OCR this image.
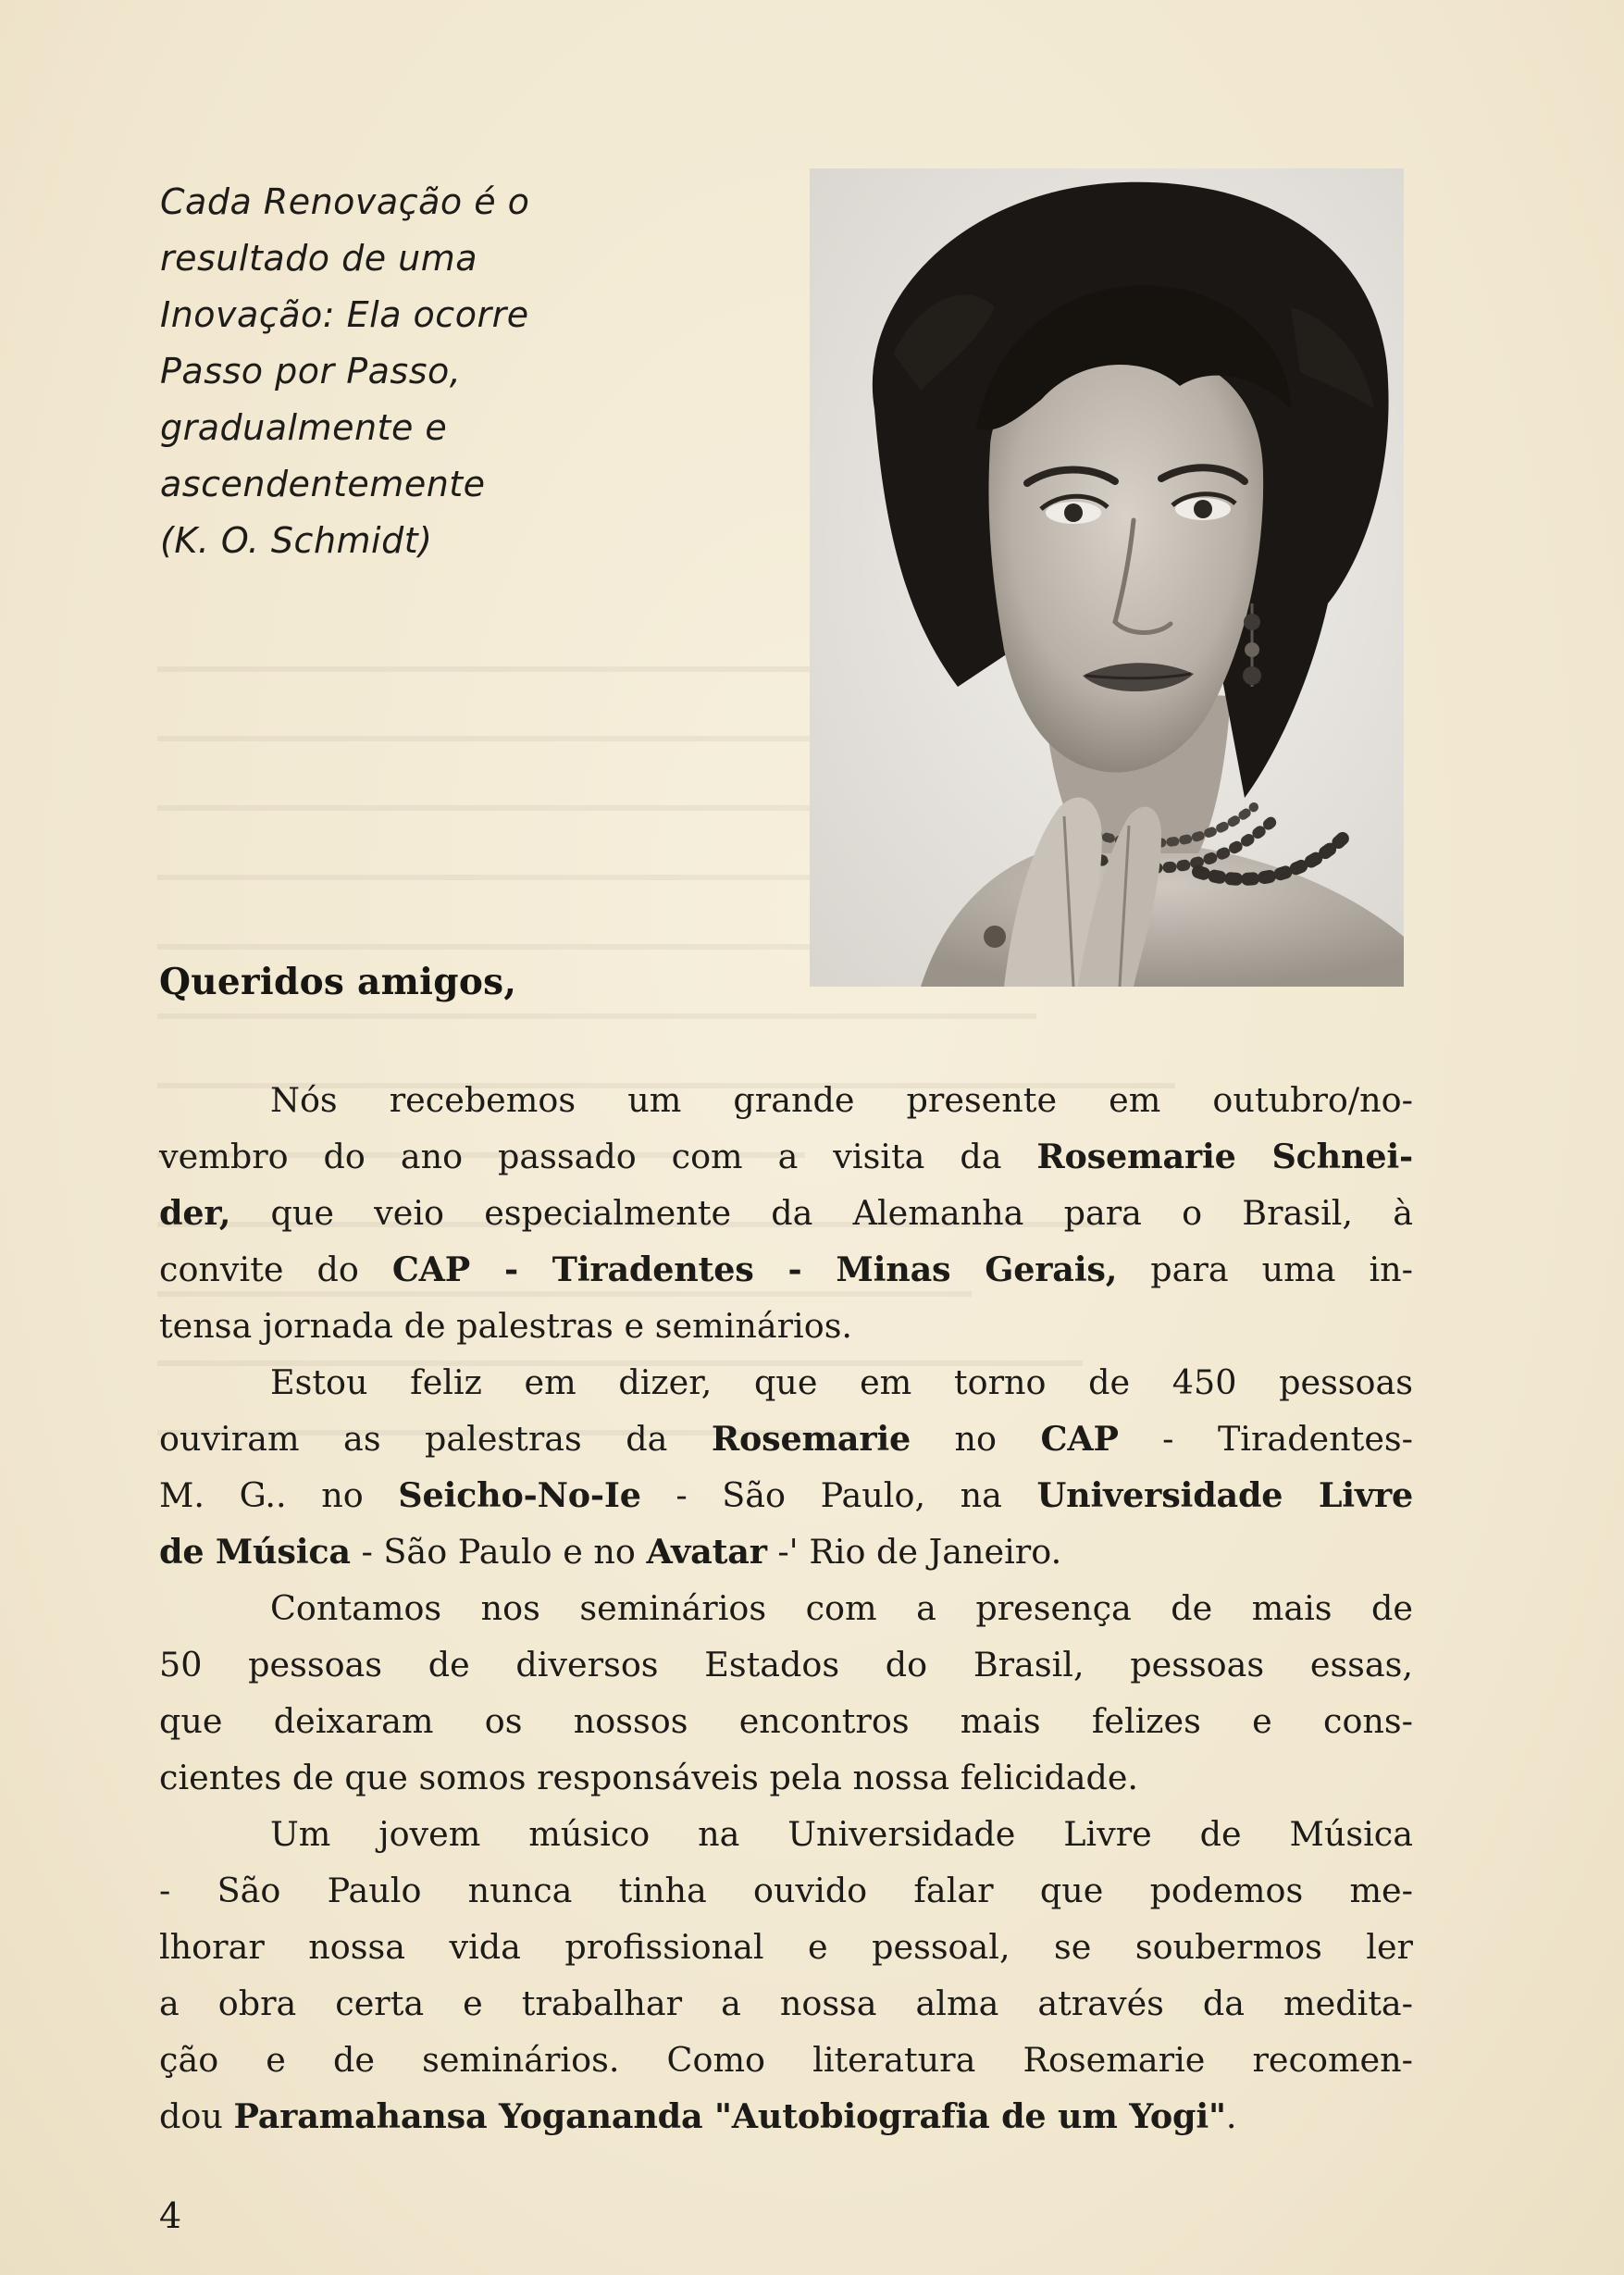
Cada Renovação é o
resultado de uma
Inovação: Ela ocorre
Passo por Passo,
gradualmente e
ascendentemente
(K. O. Schmidt)
Queridos amigos,
Nós recebemos um grande presente em outubro/no-
vembro do ano passado com a visita da Rosemarie Schnei-
der, que veio especialmente da Alemanha para o Brasil, à
convite do CAP - Tiradentes - Minas Gerais, para uma in-
tensa jornada de palestras e seminários.
Estou feliz em dizer, que em torno de 450 pessoas
ouviram as palestras da Rosemarie no CAP - Tiradentes-
M. G.. no Seicho-No-Ie - São Paulo, na Universidade Livre
de Música - São Paulo e no Avatar -' Rio de Janeiro.
Contamos nos seminários com a presença de mais de
50 pessoas de diversos Estados do Brasil, pessoas essas,
que deixaram os nossos encontros mais felizes e cons-
cientes de que somos responsáveis pela nossa felicidade.
Um jovem músico na Universidade Livre de Música
- São Paulo nunca tinha ouvido falar que podemos me-
lhorar nossa vida profissional e pessoal, se soubermos ler
a obra certa e trabalhar a nossa alma através da medita-
ção e de seminários. Como literatura Rosemarie recomen-
dou Paramahansa Yogananda "Autobiografia de um Yogi".
4
